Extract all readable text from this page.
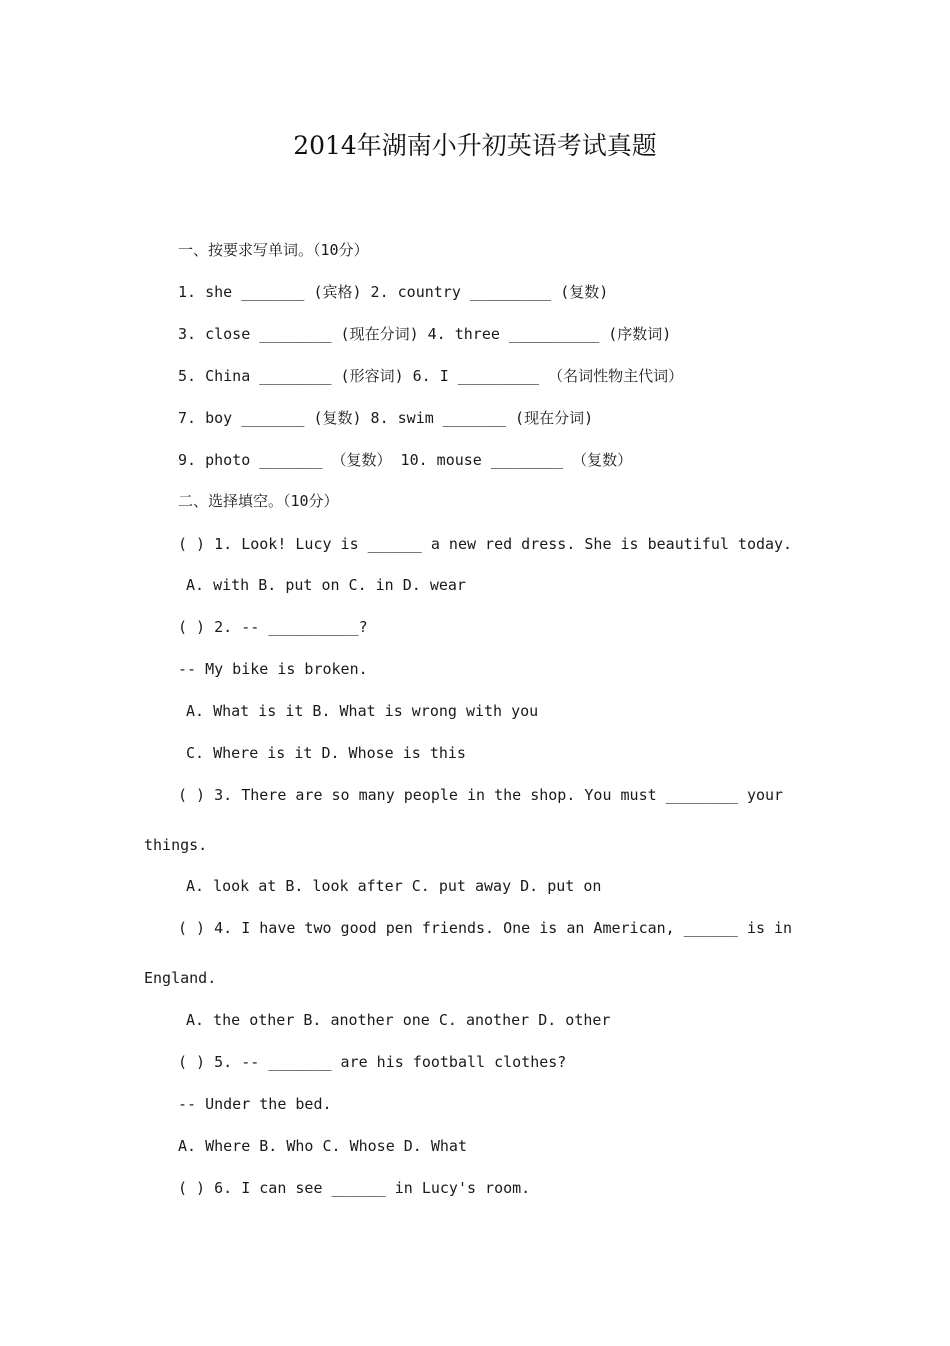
2014年湖南小升初英语考试真题
一、按要求写单词。（10分）
1. she _______ (宾格) 2. country _________ (复数)
3. close ________ (现在分词) 4. three __________ (序数词)
5. China ________ (形容词) 6. I _________ （名词性物主代词）
7. boy _______ (复数) 8. swim _______ (现在分词)
9. photo _______ （复数） 10. mouse ________ （复数）
二、选择填空。（10分）
( ) 1. Look! Lucy is ______ a new red dress. She is beautiful today.
A. with B. put on C. in D. wear
( ) 2. -- __________?
-- My bike is broken.
A. What is it B. What is wrong with you
C. Where is it D. Whose is this
( ) 3. There are so many people in the shop. You must ________ your
things.
A. look at B. look after C. put away D. put on
( ) 4. I have two good pen friends. One is an American, ______ is in
England.
A. the other B. another one C. another D. other
( ) 5. -- _______ are his football clothes?
-- Under the bed.
A. Where B. Who C. Whose D. What
( ) 6. I can see ______ in Lucy's room.
